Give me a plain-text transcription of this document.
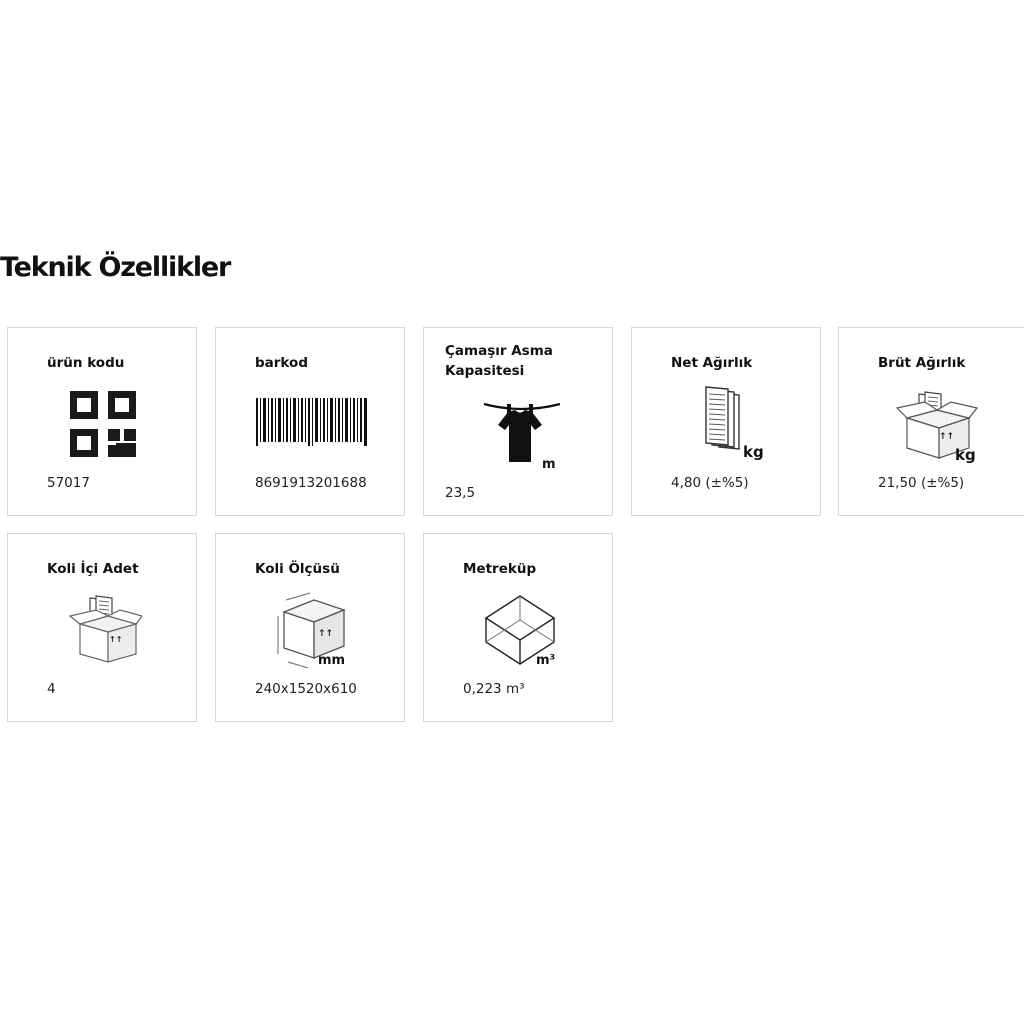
Teknik Özellikler
ürün kodu
57017
barkod
8691913201688
Çamaşır Asma Kapasitesi
m
23,5
Net Ağırlık
kg
4,80 (±%5)
Brüt Ağırlık
↑↑
kg
21,50 (±%5)
Koli İçi Adet
↑↑
4
Koli Ölçüsü
↑↑
mm
240x1520x610
Metreküp
m³
0,223 m³
